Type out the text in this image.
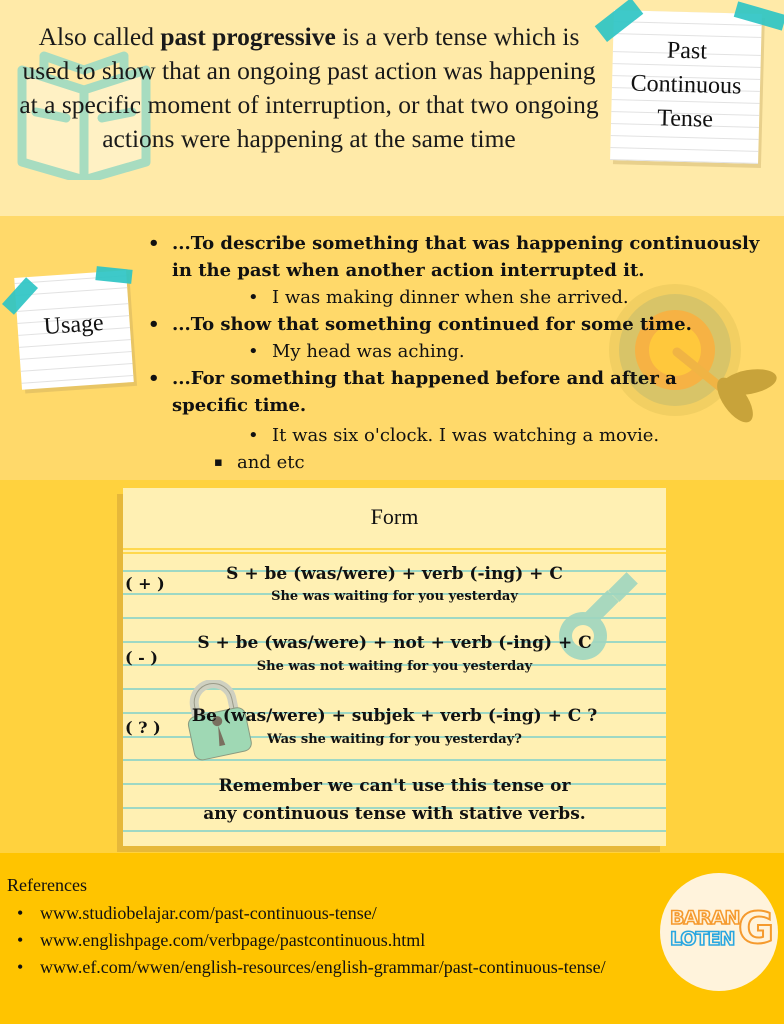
Also called past progressive is a verb tense which is used to show that an ongoing past action was happening at a specific moment of interruption, or that two ongoing actions were happening at the same time
Past
Continuous
Tense
Usage
• ...To describe something that was happening continuously in the past when another action interrupted it.
• I was making dinner when she arrived.
• ...To show that something continued for some time.
• My head was aching.
• ...For something that happened before and after a specific time.
• It was six o'clock. I was watching a movie.
▪ and etc
Form
( + )	S + be (was/were) + verb (-ing) + C
She was waiting for you yesterday
( - )
S + be (was/were) + not + verb (-ing) + C
She was not waiting for you yesterday
( ? )
Be (was/were) + subjek + verb (-ing) + C ?
Was she waiting for you yesterday?
Remember we can't use this tense or
any continuous tense with stative verbs.
References
• www.studiobelajar.com/past-continuous-tense/
• www.englishpage.com/verbpage/pastcontinuous.html
• www.ef.com/wwen/english-resources/english-grammar/past-continuous-tense/
BARAN
LOTEN G
